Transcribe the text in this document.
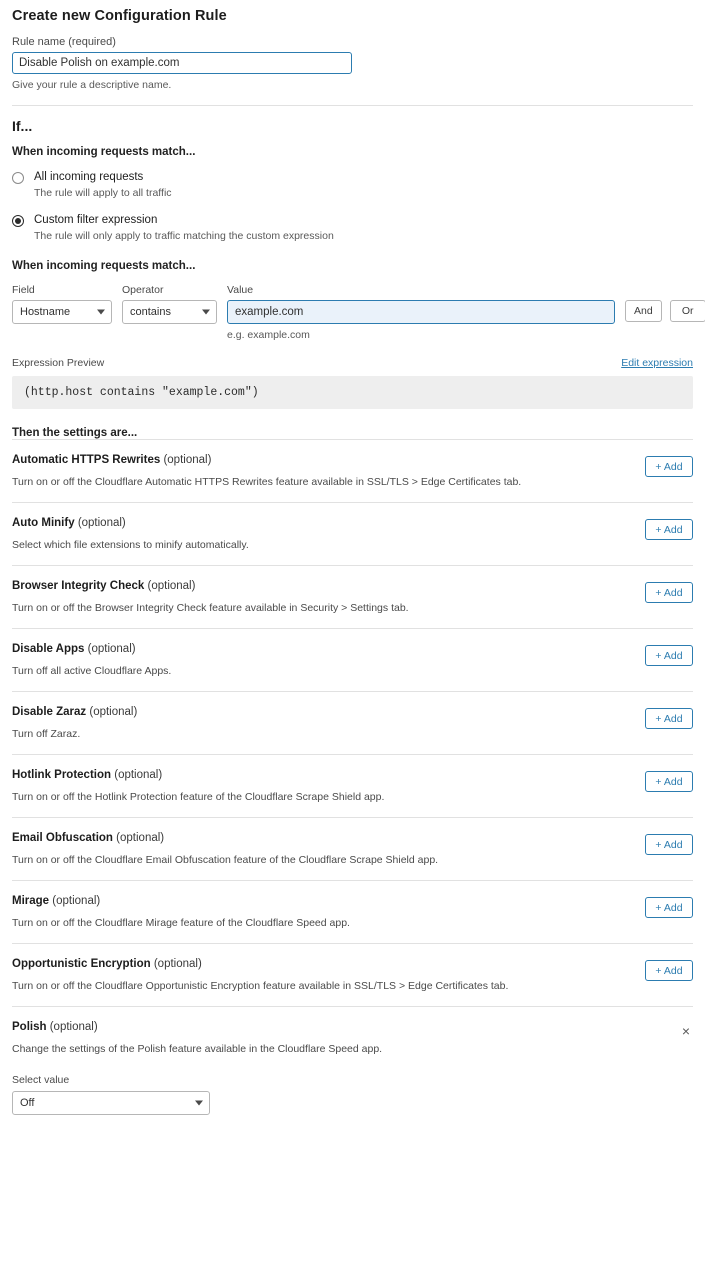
Create new Configuration Rule
Rule name (required)
Disable Polish on example.com
Give your rule a descriptive name.
If...
When incoming requests match...
All incoming requests
The rule will apply to all traffic
Custom filter expression
The rule will only apply to traffic matching the custom expression
When incoming requests match...
Field
Hostname
Operator
contains
Value
example.com
e.g. example.com
And	Or
Expression Preview	Edit expression
(http.host contains "example.com")
Then the settings are...
Automatic HTTPS Rewrites (optional)
Turn on or off the Cloudflare Automatic HTTPS Rewrites feature available in SSL/TLS > Edge Certificates tab.
+ Add
Auto Minify (optional)
Select which file extensions to minify automatically.
+ Add
Browser Integrity Check (optional)
Turn on or off the Browser Integrity Check feature available in Security > Settings tab.
+ Add
Disable Apps (optional)
Turn off all active Cloudflare Apps.
+ Add
Disable Zaraz (optional)
Turn off Zaraz.
+ Add
Hotlink Protection (optional)
Turn on or off the Hotlink Protection feature of the Cloudflare Scrape Shield app.
+ Add
Email Obfuscation (optional)
Turn on or off the Cloudflare Email Obfuscation feature of the Cloudflare Scrape Shield app.
+ Add
Mirage (optional)
Turn on or off the Cloudflare Mirage feature of the Cloudflare Speed app.
+ Add
Opportunistic Encryption (optional)
Turn on or off the Cloudflare Opportunistic Encryption feature available in SSL/TLS > Edge Certificates tab.
+ Add
Polish (optional)
Change the settings of the Polish feature available in the Cloudflare Speed app.
Select value
Off
×
